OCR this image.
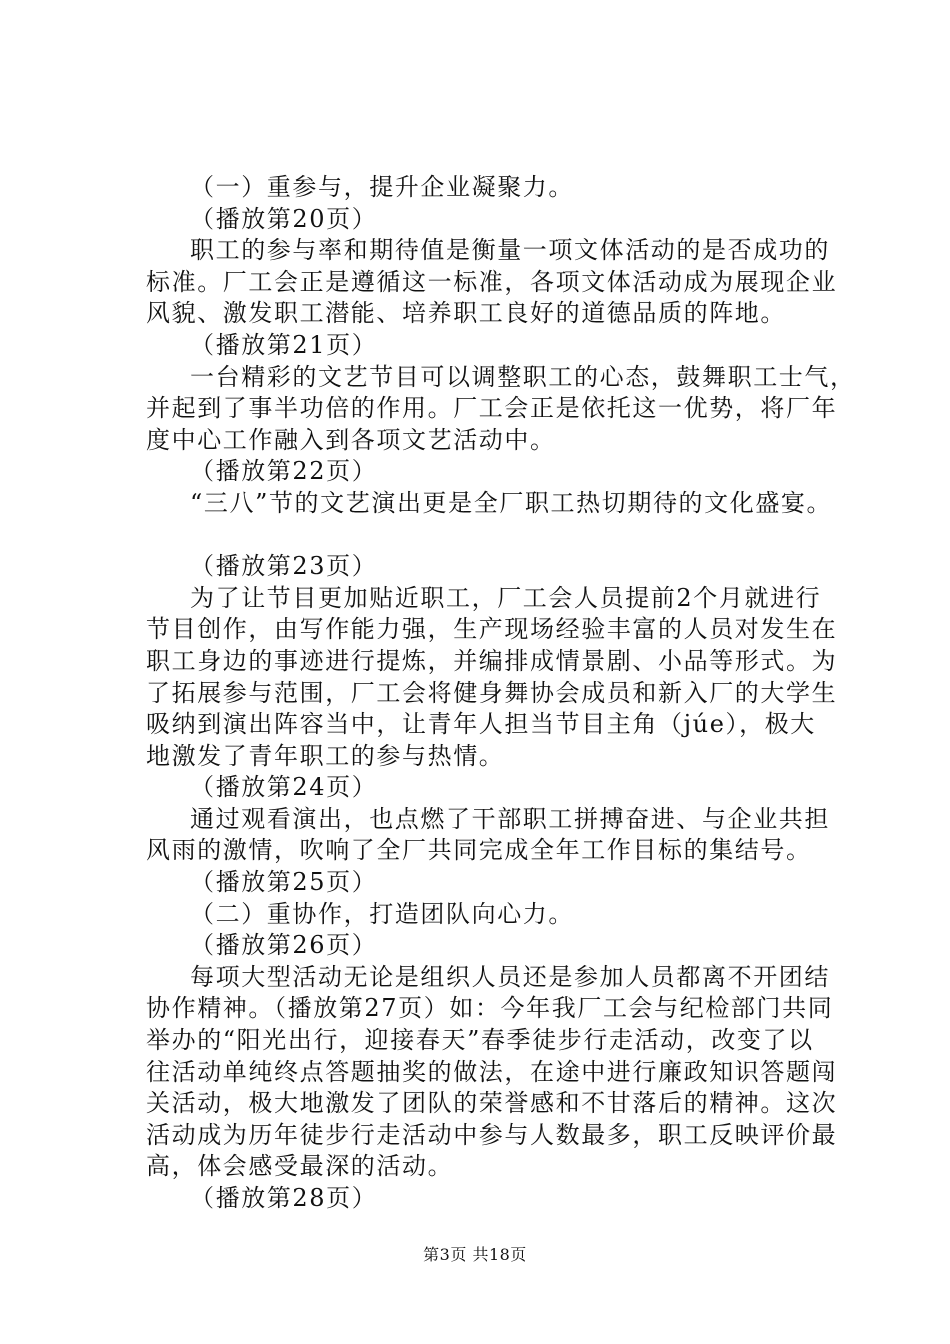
（一）重参与，提升企业凝聚力。
（播放第20页）
职工的参与率和期待值是衡量一项文体活动的是否成功的
标准。厂工会正是遵循这一标准，各项文体活动成为展现企业
风貌、激发职工潜能、培养职工良好的道德品质的阵地。
（播放第21页）
一台精彩的文艺节目可以调整职工的心态，鼓舞职工士气，
并起到了事半功倍的作用。厂工会正是依托这一优势，将厂年
度中心工作融入到各项文艺活动中。
（播放第22页）
“三八”节的文艺演出更是全厂职工热切期待的文化盛宴。
（播放第23页）
为了让节目更加贴近职工，厂工会人员提前2个月就进行
节目创作，由写作能力强，生产现场经验丰富的人员对发生在
职工身边的事迹进行提炼，并编排成情景剧、小品等形式。为
了拓展参与范围，厂工会将健身舞协会成员和新入厂的大学生
吸纳到演出阵容当中，让青年人担当节目主角（júe），极大
地激发了青年职工的参与热情。
（播放第24页）
通过观看演出，也点燃了干部职工拼搏奋进、与企业共担
风雨的激情，吹响了全厂共同完成全年工作目标的集结号。
（播放第25页）
（二）重协作，打造团队向心力。
（播放第26页）
每项大型活动无论是组织人员还是参加人员都离不开团结
协作精神。（播放第27页）如：今年我厂工会与纪检部门共同
举办的“阳光出行，迎接春天”春季徒步行走活动，改变了以
往活动单纯终点答题抽奖的做法，在途中进行廉政知识答题闯
关活动，极大地激发了团队的荣誉感和不甘落后的精神。这次
活动成为历年徒步行走活动中参与人数最多，职工反映评价最
高，体会感受最深的活动。
（播放第28页）
第3页 共18页
